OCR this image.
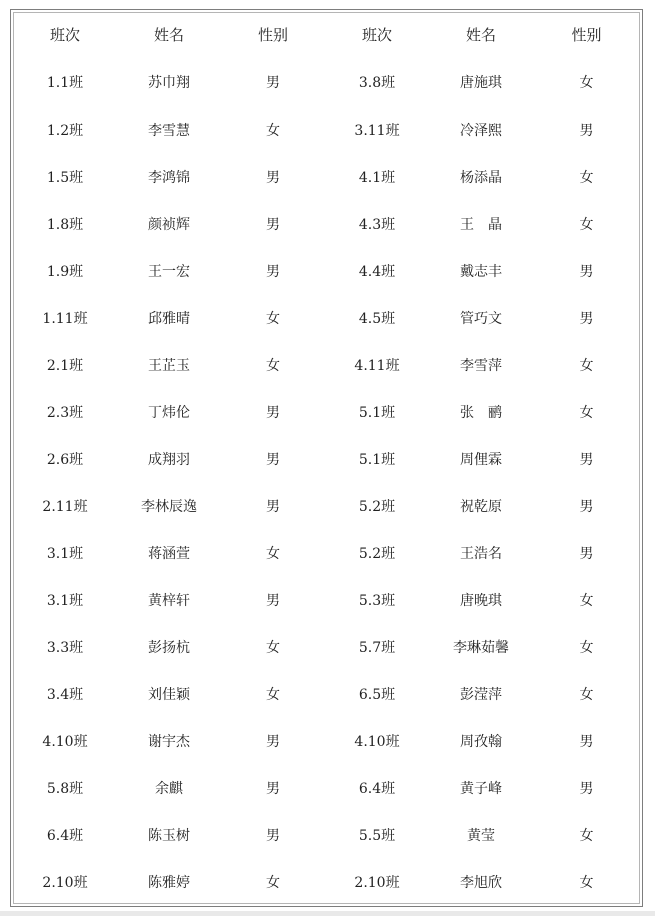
班次	姓名	性别	班次	姓名	性别
1.1班	苏巾翔	男	3.8班	唐施琪	女
1.2班	李雪慧	女	3.11班	冷泽熙	男
1.5班	李鸿锦	男	4.1班	杨添晶	女
1.8班	颜祯辉	男	4.3班	王　晶	女
1.9班	王一宏	男	4.4班	戴志丰	男
1.11班	邱雅晴	女	4.5班	管巧文	男
2.1班	王芷玉	女	4.11班	李雪萍	女
2.3班	丁炜伦	男	5.1班	张　鹂	女
2.6班	成翔羽	男	5.1班	周俚霖	男
2.11班	李林辰逸	男	5.2班	祝乾原	男
3.1班	蒋涵萱	女	5.2班	王浩名	男
3.1班	黄梓轩	男	5.3班	唐晚琪	女
3.3班	彭扬杭	女	5.7班	李琳茹馨	女
3.4班	刘佳颖	女	6.5班	彭滢萍	女
4.10班	谢宇杰	男	4.10班	周孜翰	男
5.8班	余麒	男	6.4班	黄子峰	男
6.4班	陈玉树	男	5.5班	黄莹	女
2.10班	陈雅婷	女	2.10班	李旭欣	女
